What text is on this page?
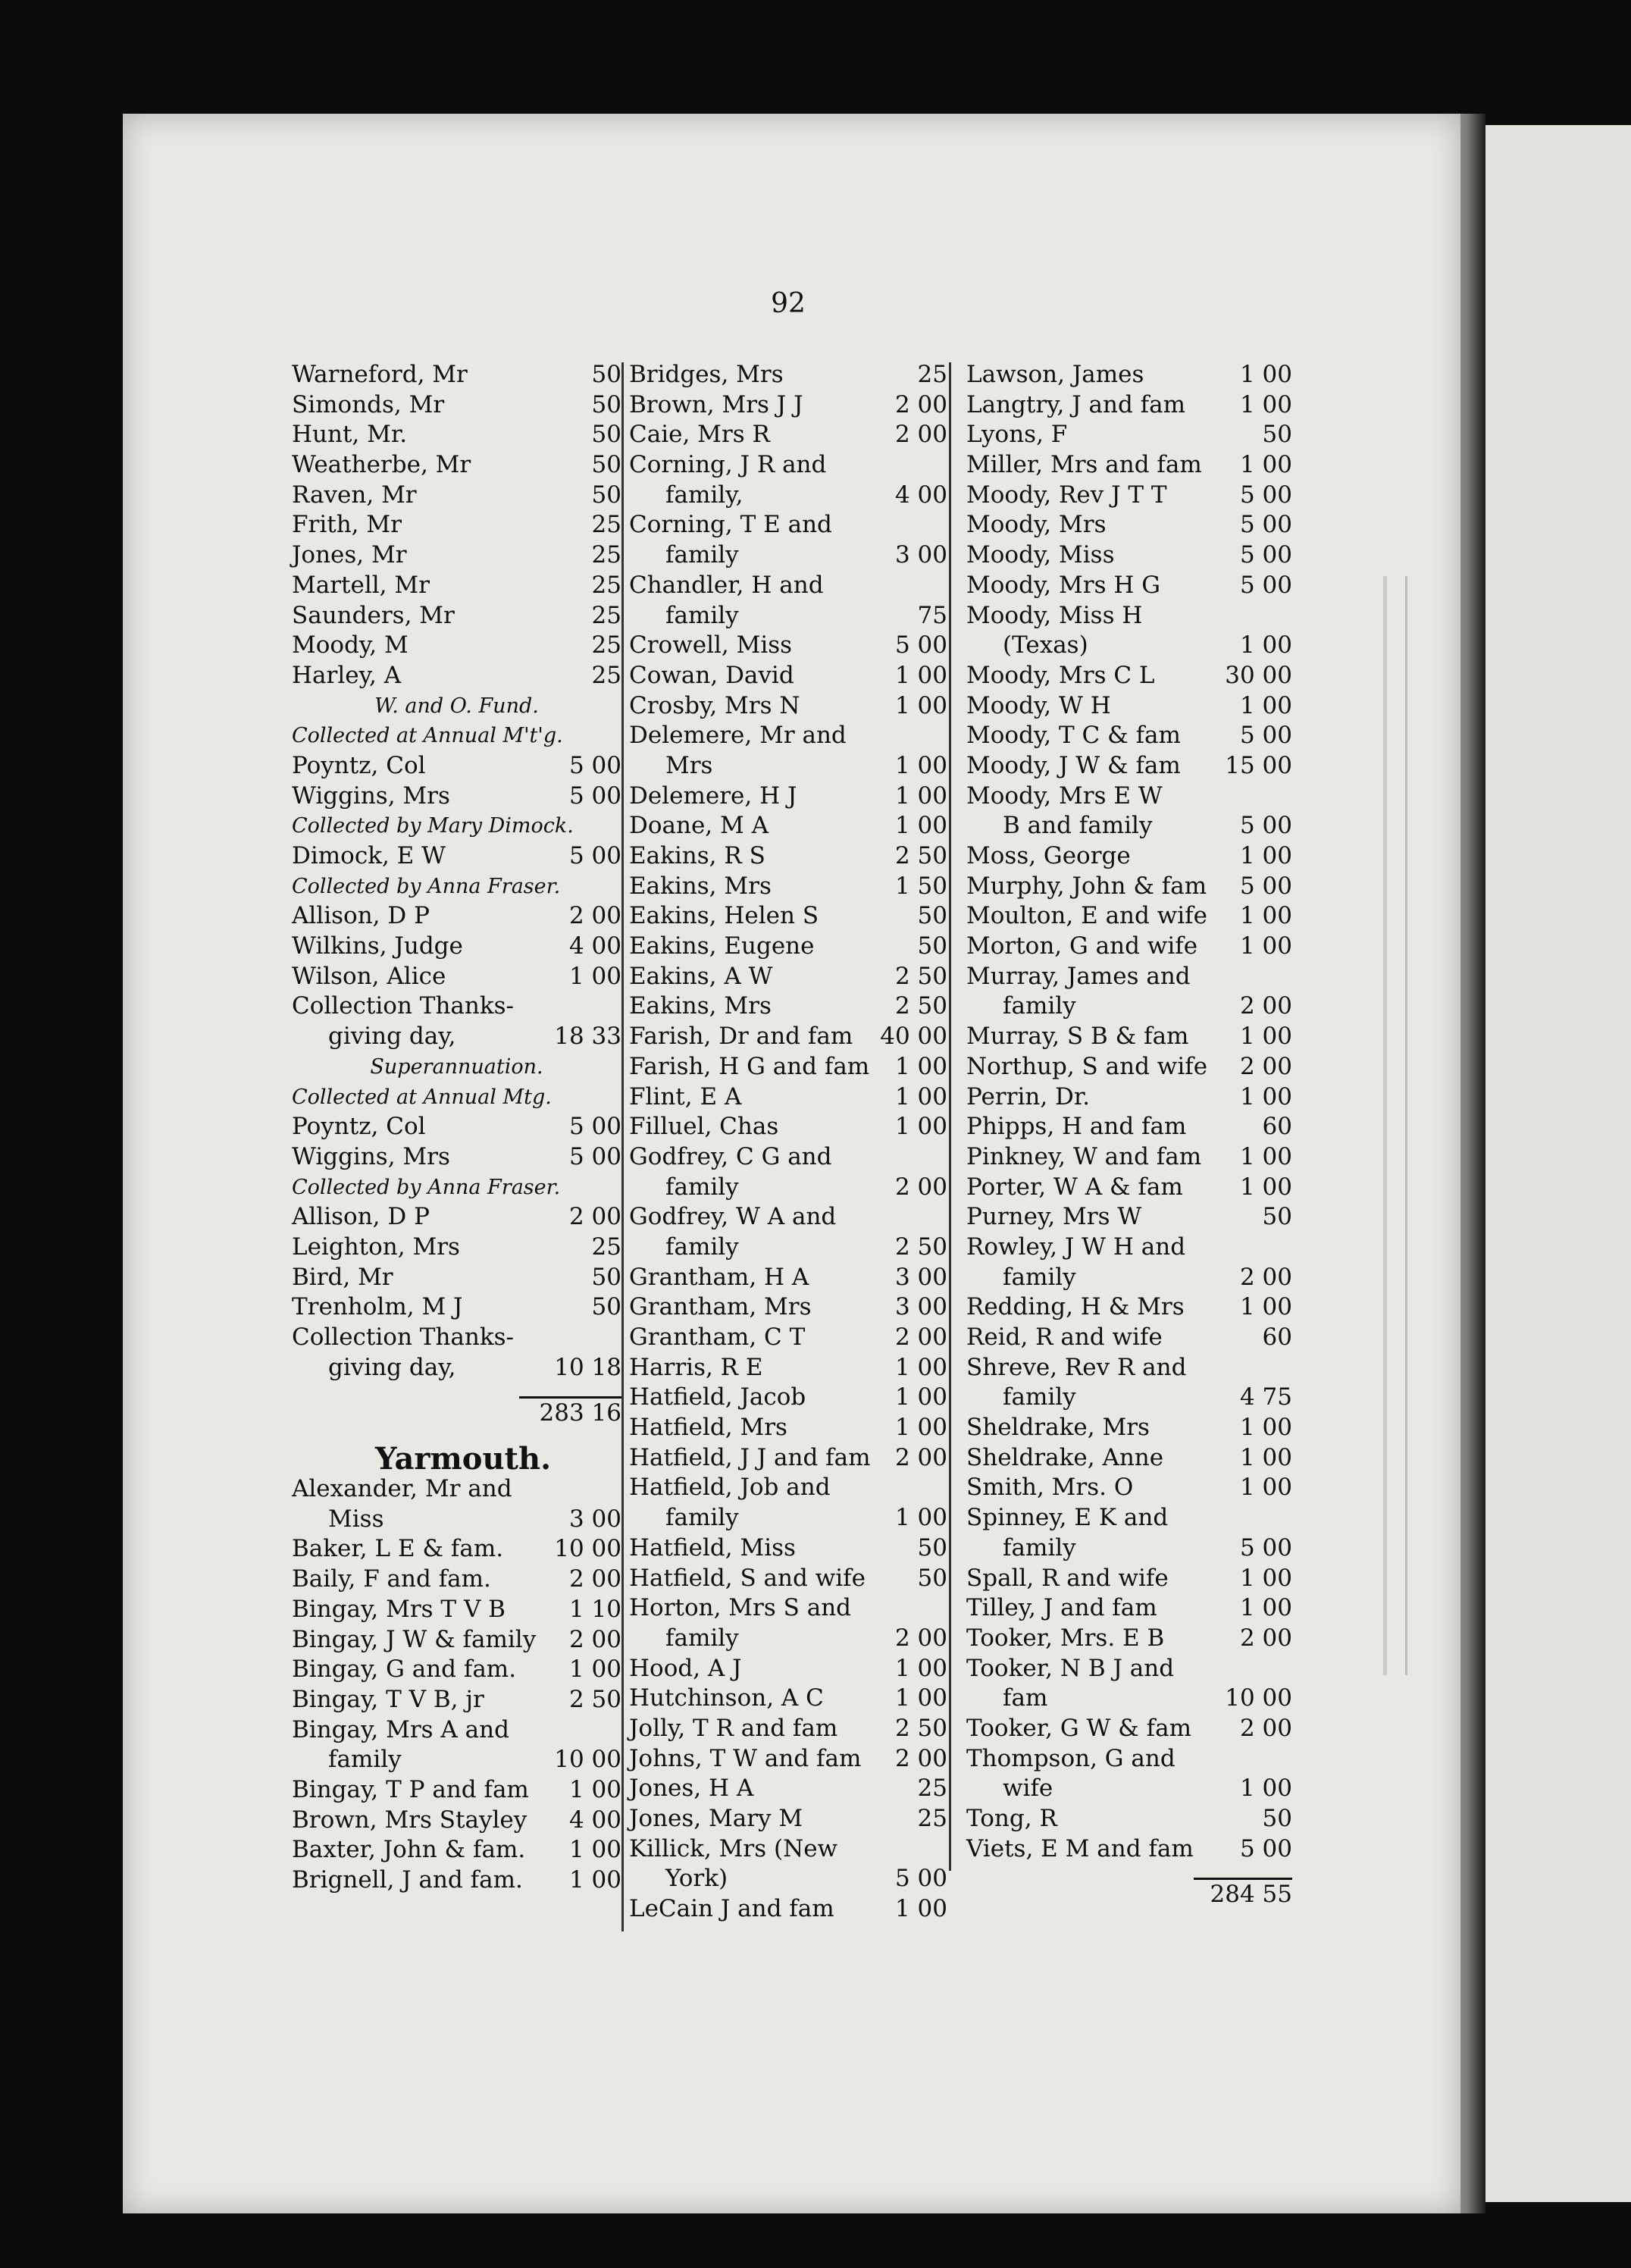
92
Warneford, Mr	50
Simonds, Mr	50
Hunt, Mr.	50
Weatherbe, Mr	50
Raven, Mr	50
Frith, Mr	25
Jones, Mr	25
Martell, Mr	25
Saunders, Mr	25
Moody, M	25
Harley, A	25
W. and O. Fund.
Collected at Annual M't'g.
Poyntz, Col	5 00
Wiggins, Mrs	5 00
Collected by Mary Dimock.
Dimock, E W	5 00
Collected by Anna Fraser.
Allison, D P	2 00
Wilkins, Judge	4 00
Wilson, Alice	1 00
Collection Thanks-
giving day,	18 33
Superannuation.
Collected at Annual Mtg.
Poyntz, Col	5 00
Wiggins, Mrs	5 00
Collected by Anna Fraser.
Allison, D P	2 00
Leighton, Mrs	25
Bird, Mr	50
Trenholm, M J	50
Collection Thanks-
giving day,	10 18
283 16
Yarmouth.
Alexander, Mr and
Miss	3 00
Baker, L E & fam. 10 00
Baily, F and fam.	2 00
Bingay, Mrs T V B	1 10
Bingay, J W & family 2 00
Bingay, G and fam. 1 00
Bingay, T V B, jr	2 50
Bingay, Mrs A and
family	10 00
Bingay, T P and fam 1 00
Brown, Mrs Stayley 4 00
Baxter, John & fam. 1 00
Brignell, J and fam. 1 00
Bridges, Mrs	25
Brown, Mrs J J	2 00
Caie, Mrs R	2 00
Corning, J R and
family,	4 00
Corning, T E and
family	3 00
Chandler, H and
family	75
Crowell, Miss	5 00
Cowan, David	1 00
Crosby, Mrs N	1 00
Delemere, Mr and
Mrs	1 00
Delemere, H J	1 00
Doane, M A	1 00
Eakins, R S	2 50
Eakins, Mrs	1 50
Eakins, Helen S	50
Eakins, Eugene	50
Eakins, A W	2 50
Eakins, Mrs	2 50
Farish, Dr and fam 40 00
Farish, H G and fam 1 00
Flint, E A	1 00
Filluel, Chas	1 00
Godfrey, C G and
family	2 00
Godfrey, W A and
family	2 50
Grantham, H A	3 00
Grantham, Mrs	3 00
Grantham, C T	2 00
Harris, R E	1 00
Hatfield, Jacob	1 00
Hatfield, Mrs	1 00
Hatfield, J J and fam 2 00
Hatfield, Job and
family	1 00
Hatfield, Miss	50
Hatfield, S and wife 50
Horton, Mrs S and
family	2 00
Hood, A J	1 00
Hutchinson, A C	1 00
Jolly, T R and fam 2 50
Johns, T W and fam 2 00
Jones, H A	25
Jones, Mary M	25
Killick, Mrs (New
York)	5 00
LeCain J and fam	1 00
Lawson, James	1 00
Langtry, J and fam 1 00
Lyons, F	50
Miller, Mrs and fam 1 00
Moody, Rev J T T	5 00
Moody, Mrs	5 00
Moody, Miss	5 00
Moody, Mrs H G	5 00
Moody, Miss H
(Texas)	1 00
Moody, Mrs C L	30 00
Moody, W H	1 00
Moody, T C & fam	5 00
Moody, J W & fam 15 00
Moody, Mrs E W
B and family	5 00
Moss, George	1 00
Murphy, John & fam 5 00
Moulton, E and wife 1 00
Morton, G and wife 1 00
Murray, James and
family	2 00
Murray, S B & fam 1 00
Northup, S and wife 2 00
Perrin, Dr.	1 00
Phipps, H and fam	60
Pinkney, W and fam 1 00
Porter, W A & fam 1 00
Purney, Mrs W	50
Rowley, J W H and
family	2 00
Redding, H & Mrs 1 00
Reid, R and wife	60
Shreve, Rev R and
family	4 75
Sheldrake, Mrs	1 00
Sheldrake, Anne	1 00
Smith, Mrs. O	1 00
Spinney, E K and
family	5 00
Spall, R and wife	1 00
Tilley, J and fam	1 00
Tooker, Mrs. E B	2 00
Tooker, N B J and
fam	10 00
Tooker, G W & fam 2 00
Thompson, G and
wife	1 00
Tong, R	50
Viets, E M and fam 5 00
284 55
